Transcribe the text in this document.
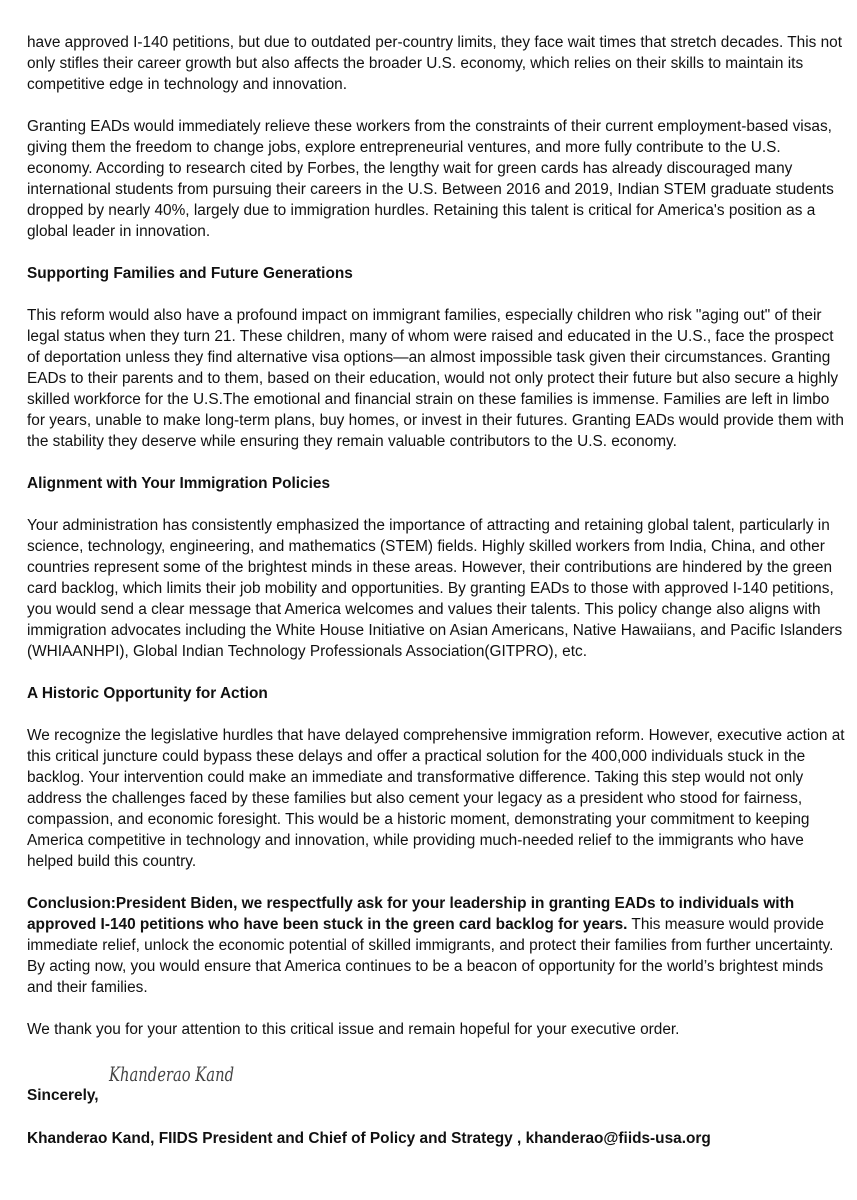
have approved I-140 petitions, but due to outdated per-country limits, they face wait times that stretch decades. This not only stifles their career growth but also affects the broader U.S. economy, which relies on their skills to maintain its competitive edge in technology and innovation.

Granting EADs would immediately relieve these workers from the constraints of their current employment-based visas, giving them the freedom to change jobs, explore entrepreneurial ventures, and more fully contribute to the U.S. economy. According to research cited by Forbes, the lengthy wait for green cards has already discouraged many international students from pursuing their careers in the U.S. Between 2016 and 2019, Indian STEM graduate students dropped by nearly 40%, largely due to immigration hurdles. Retaining this talent is critical for America's position as a global leader in innovation.

Supporting Families and Future Generations

This reform would also have a profound impact on immigrant families, especially children who risk "aging out" of their legal status when they turn 21. These children, many of whom were raised and educated in the U.S., face the prospect of deportation unless they find alternative visa options—an almost impossible task given their circumstances. Granting EADs to their parents and to them, based on their education, would not only protect their future but also secure a highly skilled workforce for the U.S.The emotional and financial strain on these families is immense. Families are left in limbo for years, unable to make long-term plans, buy homes, or invest in their futures. Granting EADs would provide them with the stability they deserve while ensuring they remain valuable contributors to the U.S. economy.

Alignment with Your Immigration Policies

Your administration has consistently emphasized the importance of attracting and retaining global talent, particularly in science, technology, engineering, and mathematics (STEM) fields. Highly skilled workers from India, China, and other countries represent some of the brightest minds in these areas. However, their contributions are hindered by the green card backlog, which limits their job mobility and opportunities. By granting EADs to those with approved I-140 petitions, you would send a clear message that America welcomes and values their talents. This policy change also aligns with immigration advocates including the White House Initiative on Asian Americans, Native Hawaiians, and Pacific Islanders (WHIAANHPI), Global Indian Technology Professionals Association(GITPRO), etc.

A Historic Opportunity for Action

We recognize the legislative hurdles that have delayed comprehensive immigration reform. However, executive action at this critical juncture could bypass these delays and offer a practical solution for the 400,000 individuals stuck in the backlog. Your intervention could make an immediate and transformative difference. Taking this step would not only address the challenges faced by these families but also cement your legacy as a president who stood for fairness, compassion, and economic foresight. This would be a historic moment, demonstrating your commitment to keeping America competitive in technology and innovation, while providing much-needed relief to the immigrants who have helped build this country.

Conclusion:President Biden, we respectfully ask for your leadership in granting EADs to individuals with approved I-140 petitions who have been stuck in the green card backlog for years. This measure would provide immediate relief, unlock the economic potential of skilled immigrants, and protect their families from further uncertainty. By acting now, you would ensure that America continues to be a beacon of opportunity for the world’s brightest minds and their families.

We thank you for your attention to this critical issue and remain hopeful for your executive order.

Sincerely,
Khanderao Kand
Khanderao Kand, FIIDS President and Chief of Policy and Strategy , khanderao@fiids-usa.org
